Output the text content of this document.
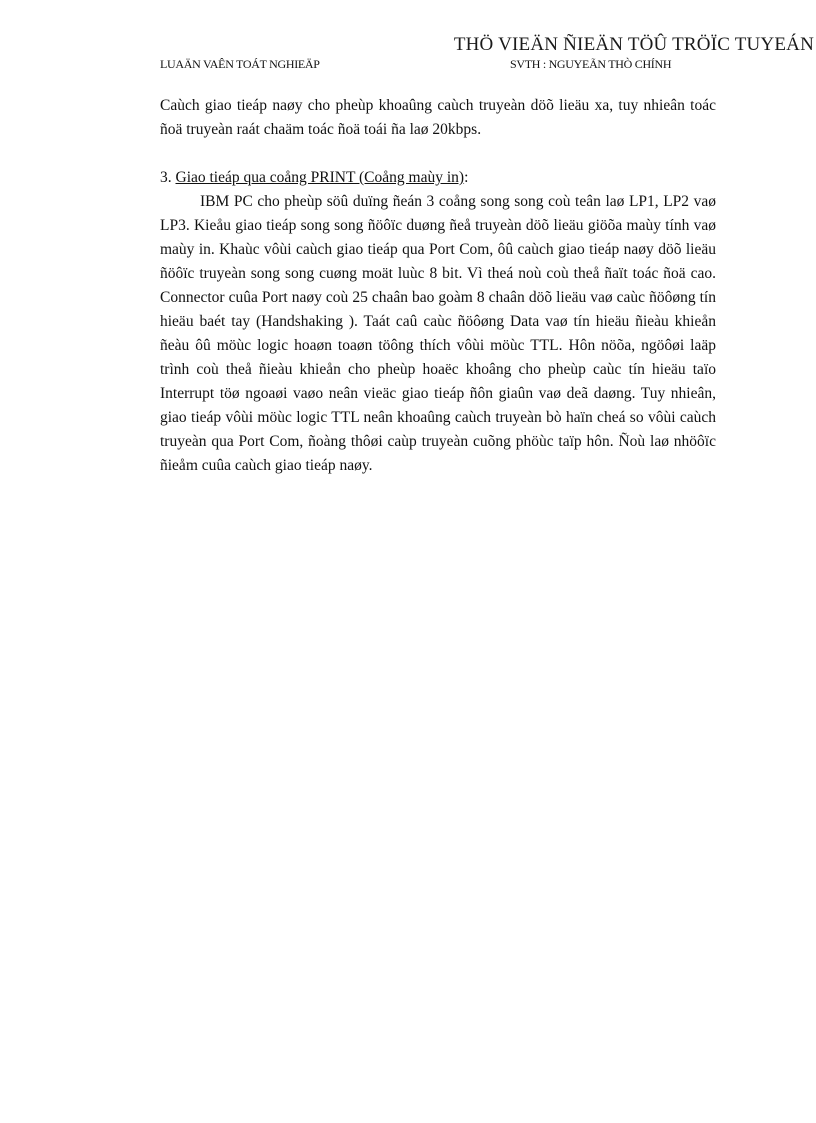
THÖ VIEÄN ÑIEÄN TÖÛ TRÖÏC TUYEÁN
LUAÄN VAÊN TOÁT NGHIEÄP	SVTH : NGUYEÃN THÒ CHÍNH

Caùch giao tieáp naøy cho pheùp khoaûng caùch truyeàn döõ lieäu xa, tuy nhieân toác ñoä truyeàn raát chaäm toác ñoä toái ña laø 20kbps.

3. Giao tieáp qua coång PRINT (Coång maùy in):

IBM PC cho pheùp söû duïng ñeán 3 coång song song coù teân laø LP1, LP2 vaø LP3. Kieåu giao tieáp song song ñöôïc duøng ñeå truyeàn döõ lieäu giöõa maùy tính vaø maùy in. Khaùc vôùi caùch giao tieáp qua Port Com, ôû caùch giao tieáp naøy döõ lieäu ñöôïc truyeàn song song cuøng moät luùc 8 bit. Vì theá noù coù theå ñaït toác ñoä cao. Connector cuûa Port naøy coù 25 chaân bao goàm 8 chaân döõ lieäu vaø caùc ñöôøng tín hieäu baét tay (Handshaking ). Taát caû caùc ñöôøng Data vaø tín hieäu ñieàu khieån ñeàu ôû möùc logic hoaøn toaøn töông thích vôùi möùc TTL. Hôn nöõa, ngöôøi laäp trình coù theå ñieàu khieån cho pheùp hoaëc khoâng cho pheùp caùc tín hieäu taïo Interrupt töø ngoaøi vaøo neân vieäc giao tieáp ñôn giaûn vaø deã daøng. Tuy nhieân, giao tieáp vôùi möùc logic TTL neân khoaûng caùch truyeàn bò haïn cheá so vôùi caùch truyeàn qua Port Com, ñoàng thôøi caùp truyeàn cuõng phöùc taïp hôn. Ñoù laø nhöôïc ñieåm cuûa caùch giao tieáp naøy.
